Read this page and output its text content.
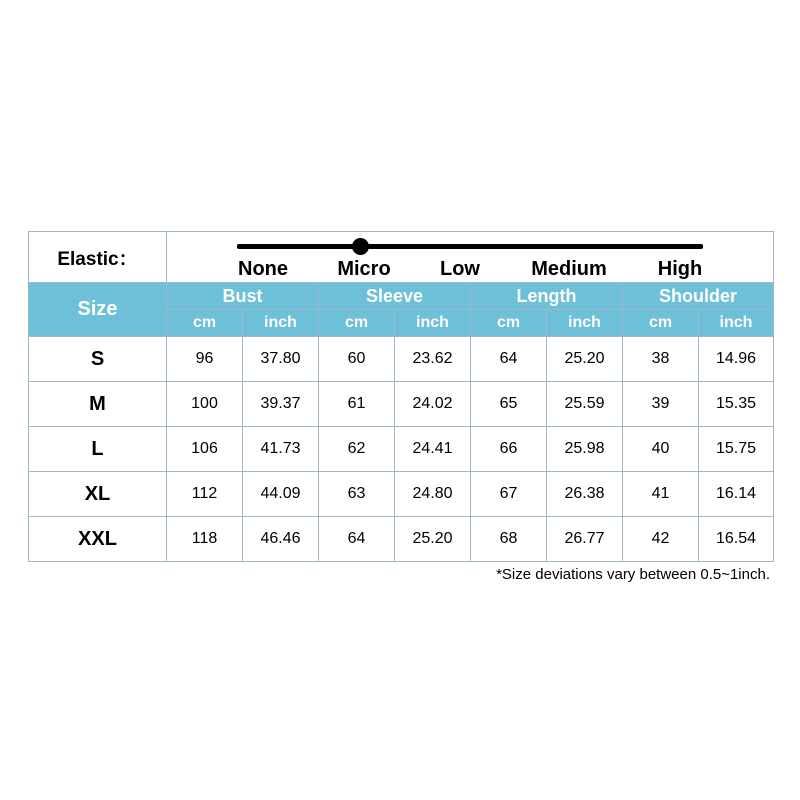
Elastic：	None Micro Low Medium High							

Size	Bust		Sleeve		Length		Shoulder	
	cm	inch	cm	inch	cm	inch	cm	inch
S	96	37.80	60	23.62	64	25.20	38	14.96
M	100	39.37	61	24.02	65	25.59	39	15.35
L	106	41.73	62	24.41	66	25.98	40	15.75
XL	112	44.09	63	24.80	67	26.38	41	16.14
XXL	118	46.46	64	25.20	68	26.77	42	16.54
*Size deviations vary between 0.5~1inch.
